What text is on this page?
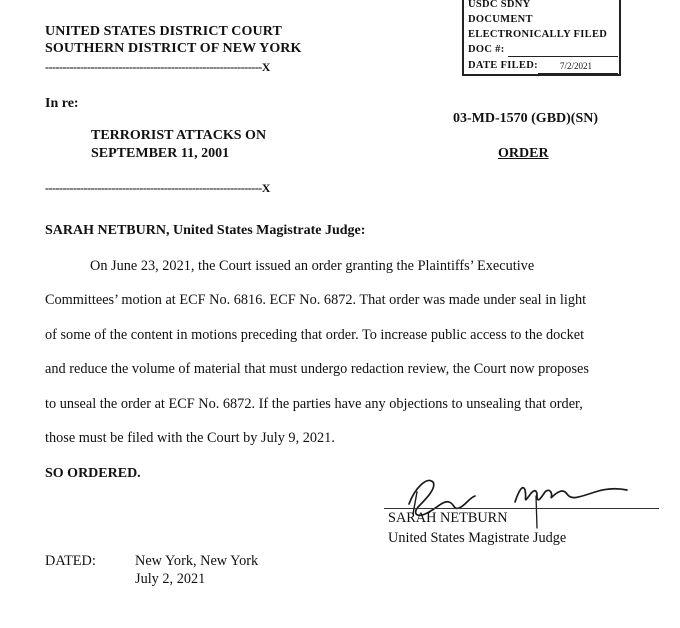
USDC SDNY
DOCUMENT
ELECTRONICALLY FILED
DOC #:
DATE FILED: 7/2/2021
UNITED STATES DISTRICT COURT
SOUTHERN DISTRICT OF NEW YORK
--------------------------------------------------------------X
In re:
TERRORIST ATTACKS ON
SEPTEMBER 11, 2001
03-MD-1570 (GBD)(SN)
ORDER
--------------------------------------------------------------X
SARAH NETBURN, United States Magistrate Judge:
On June 23, 2021, the Court issued an order granting the Plaintiffs’ Executive
Committees’ motion at ECF No. 6816. ECF No. 6872. That order was made under seal in light
of some of the content in motions preceding that order. To increase public access to the docket
and reduce the volume of material that must undergo redaction review, the Court now proposes
to unseal the order at ECF No. 6872. If the parties have any objections to unsealing that order,
those must be filed with the Court by July 9, 2021.
SO ORDERED.
SARAH NETBURN
United States Magistrate Judge
DATED:	New York, New York
July 2, 2021
